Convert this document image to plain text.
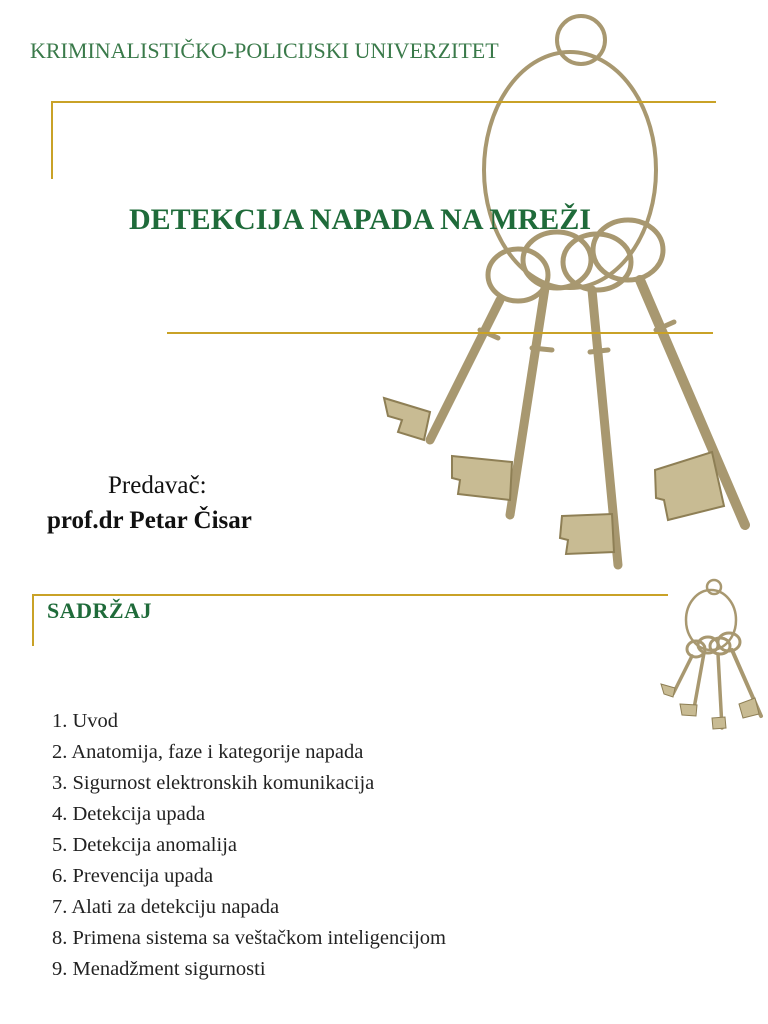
KRIMINALISTIČKO-POLICIJSKI UNIVERZITET
DETEKCIJA NAPADA NA MREŽI
Predavač:
prof.dr Petar Čisar
SADRŽAJ
1. Uvod
2. Anatomija, faze i kategorije napada
3. Sigurnost elektronskih komunikacija
4. Detekcija upada
5. Detekcija anomalija
6. Prevencija upada
7. Alati za detekciju napada
8. Primena sistema sa veštačkom inteligencijom
9. Menadžment sigurnosti
